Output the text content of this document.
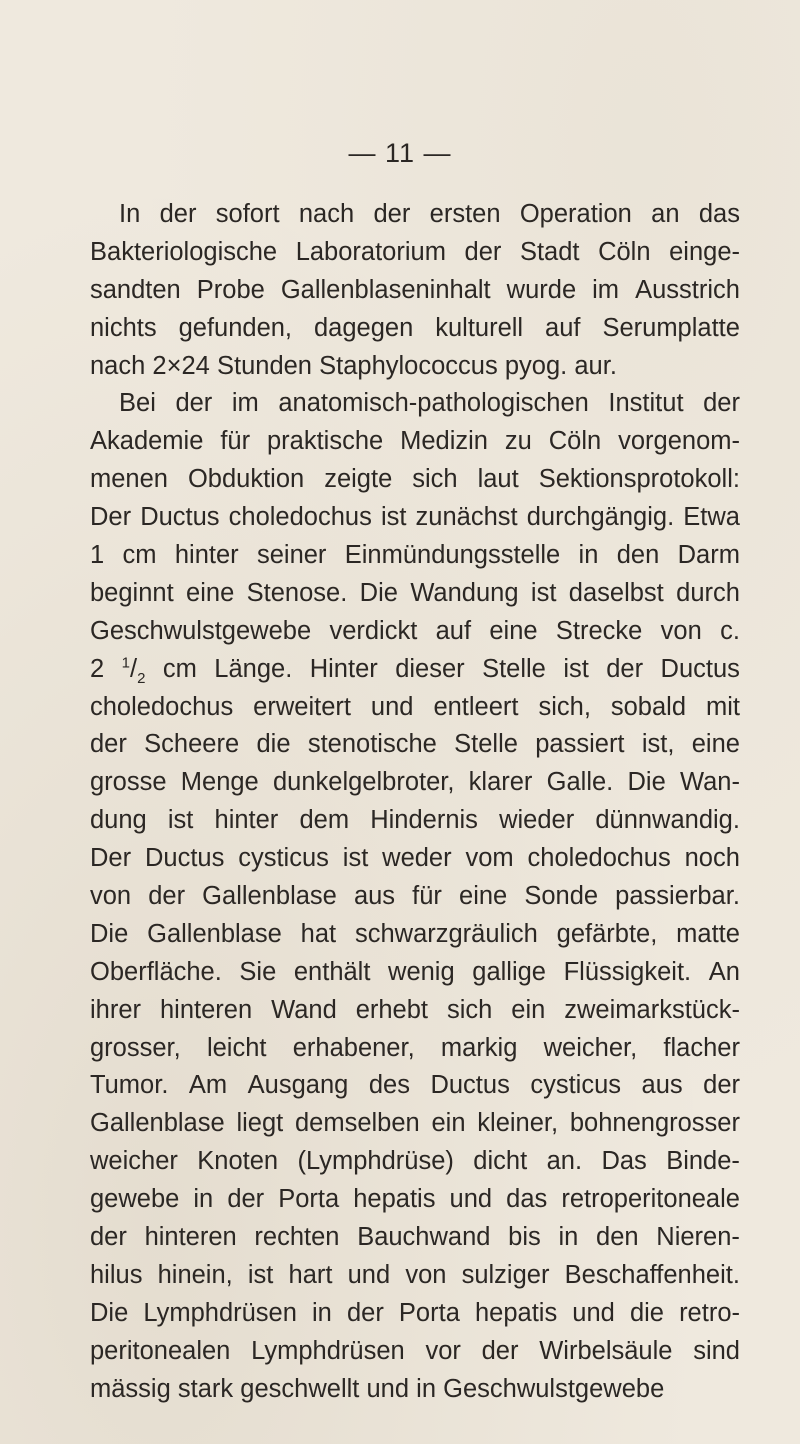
— 11 —
In der sofort nach der ersten Operation an das
Bakteriologische Laboratorium der Stadt Cöln einge-
sandten Probe Gallenblaseninhalt wurde im Ausstrich
nichts gefunden, dagegen kulturell auf Serumplatte
nach 2×24 Stunden Staphylococcus pyog. aur.
Bei der im anatomisch-pathologischen Institut der
Akademie für praktische Medizin zu Cöln vorgenom-
menen Obduktion zeigte sich laut Sektionsprotokoll:
Der Ductus choledochus ist zunächst durchgängig. Etwa
1 cm hinter seiner Einmündungsstelle in den Darm
beginnt eine Stenose. Die Wandung ist daselbst durch
Geschwulstgewebe verdickt auf eine Strecke von c.
2 $^1/_2$ cm Länge. Hinter dieser Stelle ist der Ductus
choledochus erweitert und entleert sich, sobald mit
der Scheere die stenotische Stelle passiert ist, eine
grosse Menge dunkelgelbroter, klarer Galle. Die Wan-
dung ist hinter dem Hindernis wieder dünnwandig.
Der Ductus cysticus ist weder vom choledochus noch
von der Gallenblase aus für eine Sonde passierbar.
Die Gallenblase hat schwarzgräulich gefärbte, matte
Oberfläche. Sie enthält wenig gallige Flüssigkeit. An
ihrer hinteren Wand erhebt sich ein zweimarkstück-
grosser, leicht erhabener, markig weicher, flacher
Tumor. Am Ausgang des Ductus cysticus aus der
Gallenblase liegt demselben ein kleiner, bohnengrosser
weicher Knoten (Lymphdrüse) dicht an. Das Binde-
gewebe in der Porta hepatis und das retroperitoneale
der hinteren rechten Bauchwand bis in den Nieren-
hilus hinein, ist hart und von sulziger Beschaffenheit.
Die Lymphdrüsen in der Porta hepatis und die retro-
peritonealen Lymphdrüsen vor der Wirbelsäule sind
mässig stark geschwellt und in Geschwulstgewebe
